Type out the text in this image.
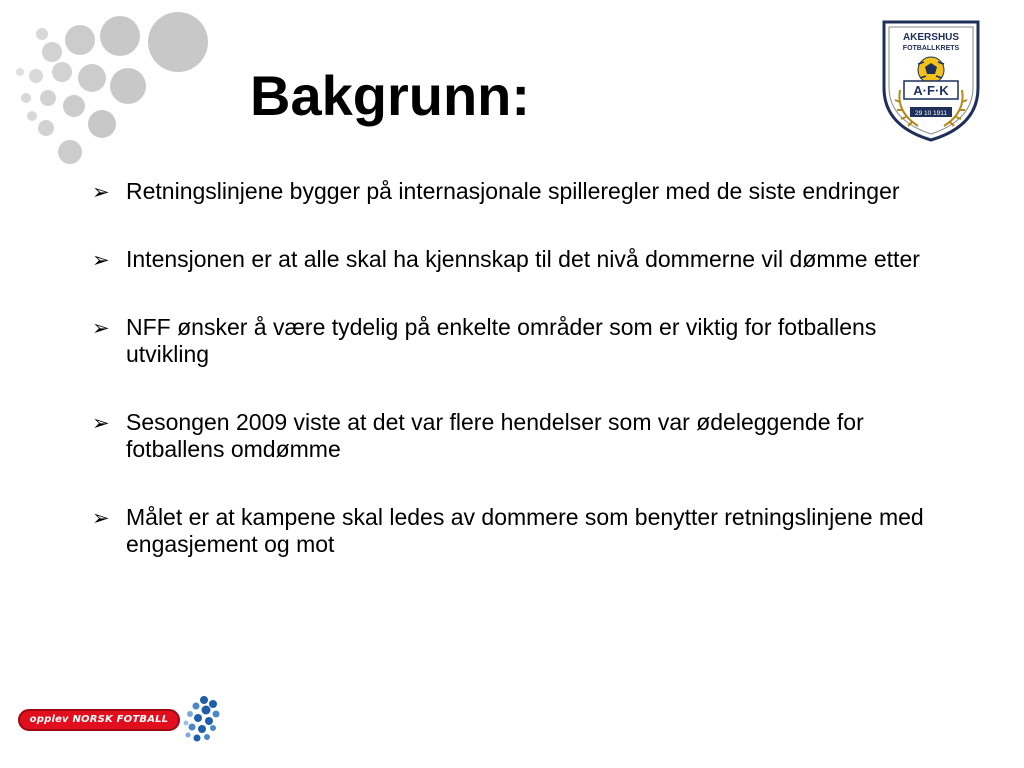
Bakgrunn:
AKERSHUS
FOTBALLKRETS
A·F·K
29 10 1911
➢ Retningslinjene bygger på internasjonale spilleregler med de siste endringer
➢ Intensjonen er at alle skal ha kjennskap til det nivå dommerne vil dømme etter
➢ NFF ønsker å være tydelig på enkelte områder som er viktig for fotballens utvikling
➢ Sesongen 2009 viste at det var flere hendelser som var ødeleggende for fotballens omdømme
➢ Målet er at kampene skal ledes av dommere som benytter retningslinjene med engasjement og mot
opplev NORSK FOTBALL
